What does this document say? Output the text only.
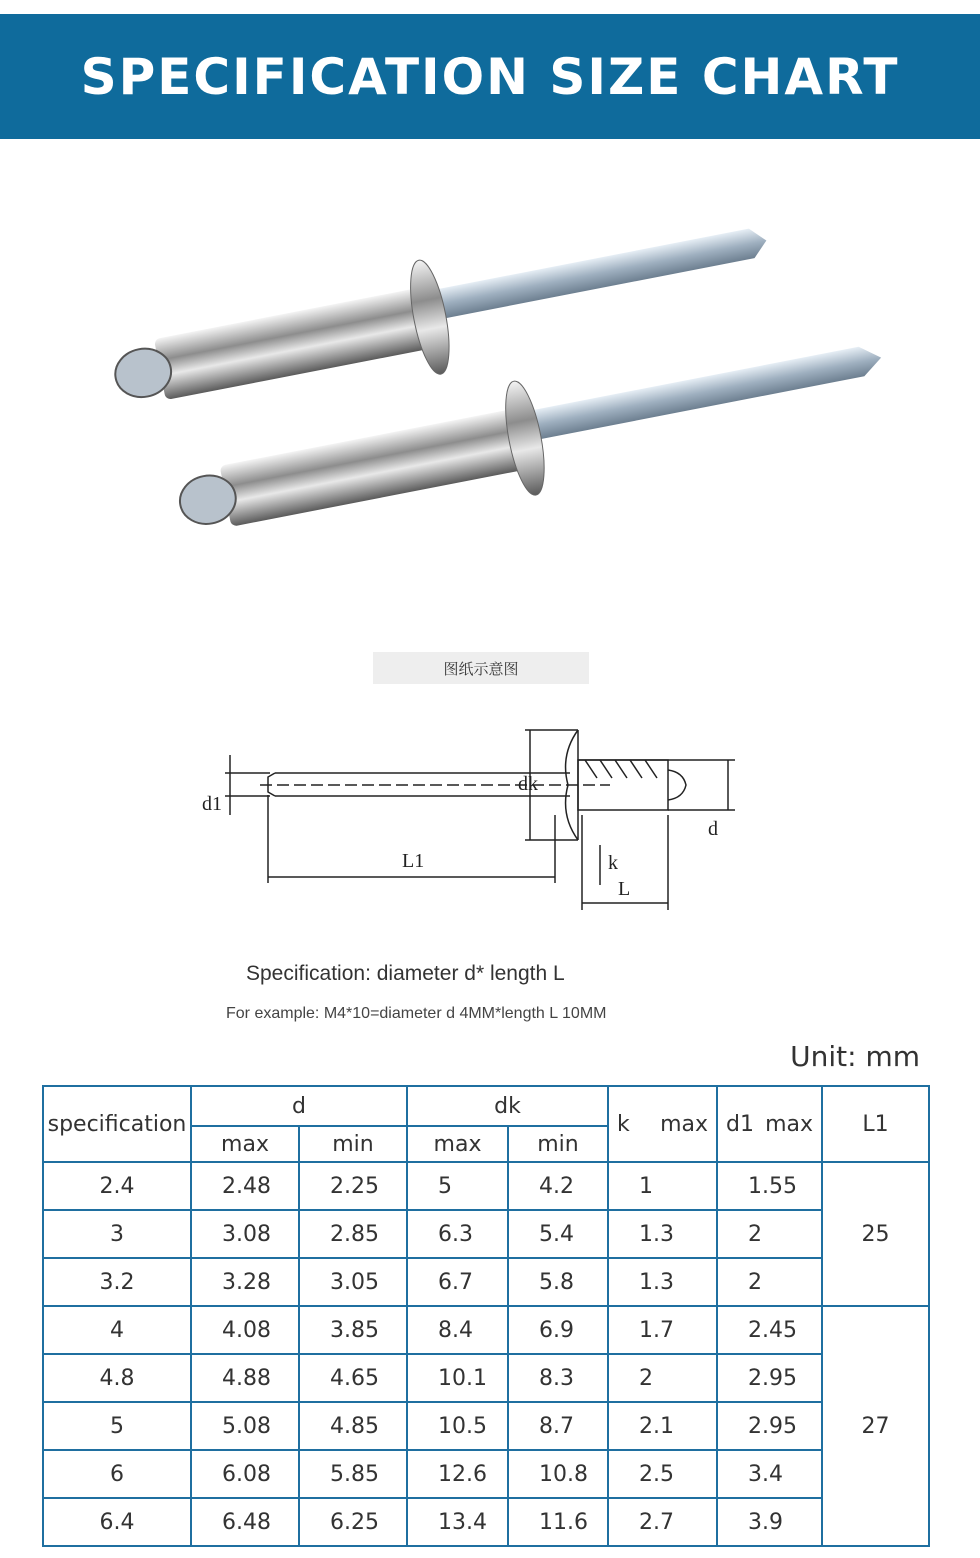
SPECIFICATION SIZE CHART
图纸示意图
d1
dk
d
L1	k
L
Specification: diameter d* length L
For example: M4*10=diameter d 4MM*length L 10MM
Unit: mm
specification	d		dk		k max	d1 max	L1
	max	min	max	min			
2.4	2.48	2.25	5	4.2	1	1.55	25
3	3.08	2.85	6.3	5.4	1.3	2	
3.2	3.28	3.05	6.7	5.8	1.3	2	
4	4.08	3.85	8.4	6.9	1.7	2.45	27
4.8	4.88	4.65	10.1	8.3	2	2.95	
5	5.08	4.85	10.5	8.7	2.1	2.95	
6	6.08	5.85	12.6	10.8	2.5	3.4	
6.4	6.48	6.25	13.4	11.6	2.7	3.9	
